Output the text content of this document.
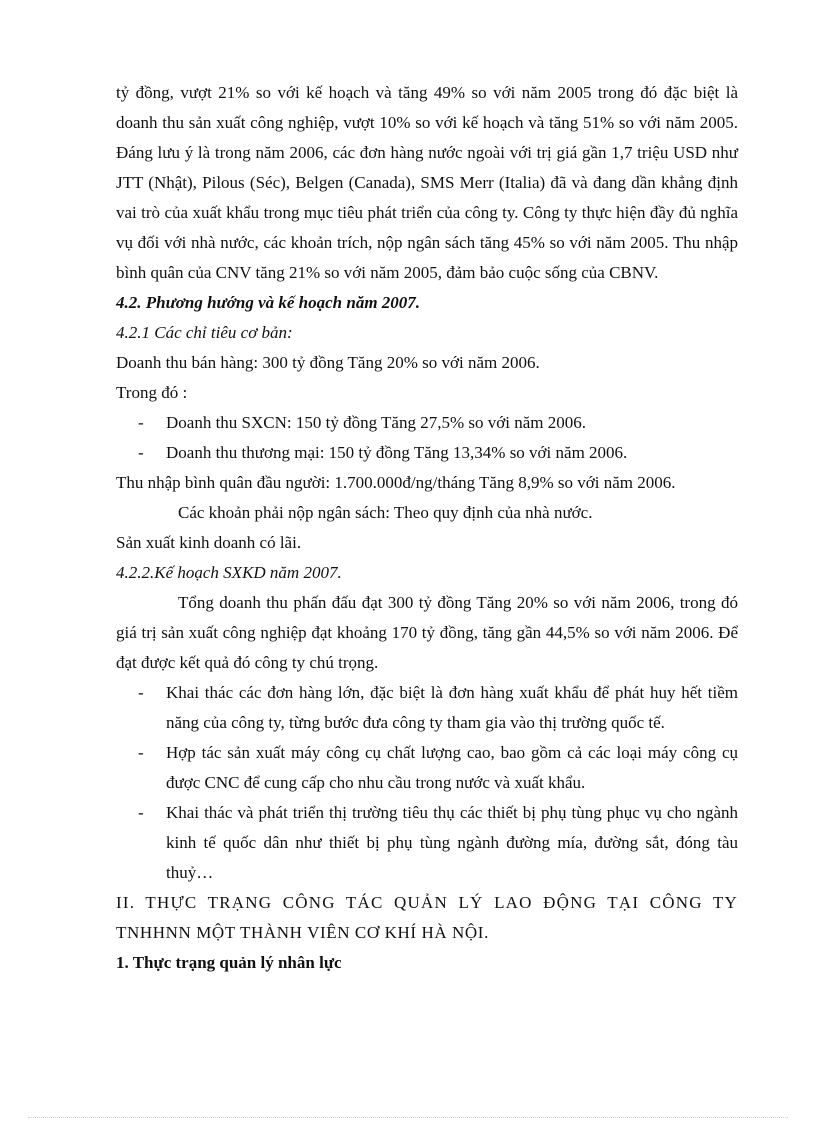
tỷ đồng, vượt 21% so với kế hoạch và tăng 49% so với năm 2005 trong đó đặc biệt là doanh thu sản xuất công nghiệp, vượt 10% so với kế hoạch và tăng 51% so với năm 2005. Đáng lưu ý là trong năm 2006, các đơn hàng nước ngoài với trị giá gần 1,7 triệu USD như JTT (Nhật), Pilous (Séc), Belgen (Canada), SMS Merr (Italia) đã và đang dần khẳng định vai trò của xuất khẩu trong mục tiêu phát triển của công ty. Công ty thực hiện đầy đủ nghĩa vụ đối với nhà nước, các khoản trích, nộp ngân sách tăng 45% so với năm 2005. Thu nhập bình quân của CNV tăng 21% so với năm 2005, đảm bảo cuộc sống của CBNV.

4.2. Phương hướng và kế hoạch năm 2007.

4.2.1 Các chỉ tiêu cơ bản:

Doanh thu bán hàng: 300 tỷ đồng Tăng 20% so với năm 2006.

Trong đó :

-	Doanh thu SXCN: 150 tỷ đồng Tăng 27,5% so với năm 2006.
-	Doanh thu thương mại: 150 tỷ đồng Tăng 13,34% so với năm 2006.

Thu nhập bình quân đầu người: 1.700.000đ/ng/tháng Tăng 8,9% so với năm 2006.

Các khoản phải nộp ngân sách: Theo quy định của nhà nước.

Sản xuất kinh doanh có lãi.

4.2.2.Kế hoạch SXKD năm 2007.

Tổng doanh thu phấn đấu đạt 300 tỷ đồng Tăng 20% so với năm 2006, trong đó giá trị sản xuất công nghiệp đạt khoảng 170 tỷ đồng, tăng gần 44,5% so với năm 2006. Để đạt được kết quả đó công ty chú trọng.

-	Khai thác các đơn hàng lớn, đặc biệt là đơn hàng xuất khẩu để phát huy hết tiềm năng của công ty, từng bước đưa công ty tham gia vào thị trường quốc tế.
-	Hợp tác sản xuất máy công cụ chất lượng cao, bao gồm cả các loại máy công cụ được CNC để cung cấp cho nhu cầu trong nước và xuất khẩu.
-	Khai thác và phát triển thị trường tiêu thụ các thiết bị phụ tùng phục vụ cho ngành kinh tế quốc dân như thiết bị phụ tùng ngành đường mía, đường sắt, đóng tàu thuỷ…

II. THỰC TRẠNG CÔNG TÁC QUẢN LÝ LAO ĐỘNG TẠI CÔNG TY

TNHHNN MỘT THÀNH VIÊN CƠ KHÍ HÀ NỘI.

1. Thực trạng quản lý nhân lực
